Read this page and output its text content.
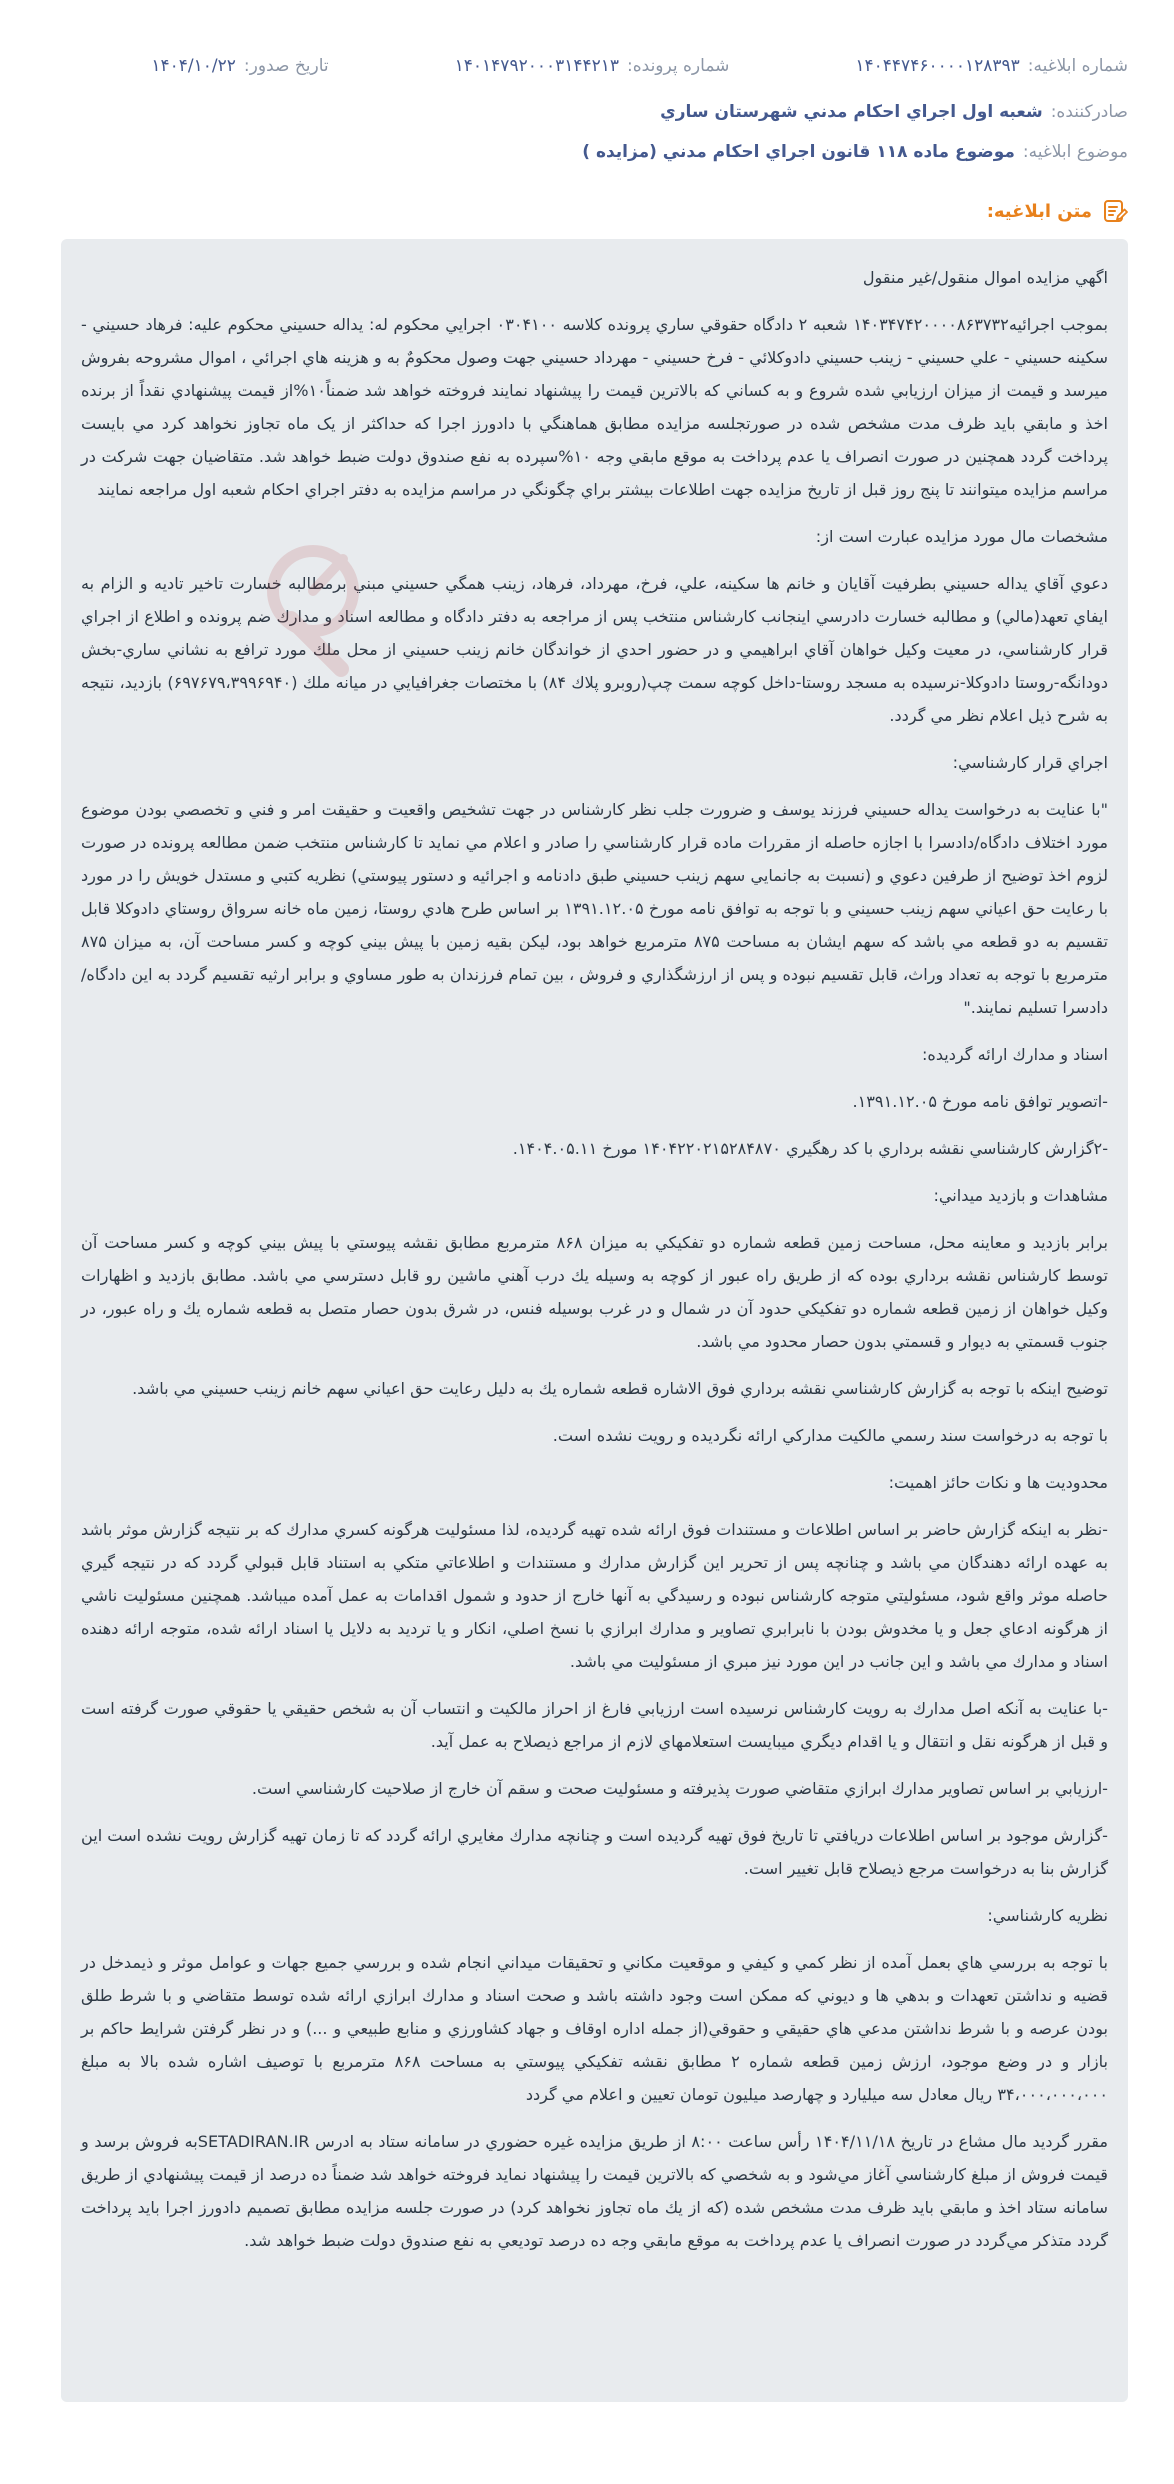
شماره ابلاغيه:
۱۴۰۴۴۷۴۶۰۰۰۰۱۲۸۳۹۳
شماره پرونده:
۱۴۰۱۴۷۹۲۰۰۰۳۱۴۴۲۱۳
تاريخ صدور:
۱۴۰۴/۱۰/۲۲
صادرکننده:
شعبه اول اجراي احكام مدني شهرستان ساري
موضوع ابلاغيه:
موضوع ماده ۱۱۸ قانون اجراي احكام مدني (مزايده )
متن ابلاغيه:

اگهي مزايده اموال منقول/غير منقول

بموجب اجرائيه۱۴۰۳۴۷۴۲۰۰۰۰۸۶۳۷۳۲ شعبه ۲ دادگاه حقوقي ساري پرونده كلاسه ۰۳۰۴۱۰۰ اجرايي محكوم له: يداله حسيني محكوم عليه: فرهاد حسيني - سكينه حسيني - علي حسيني - زينب حسيني دادوكلائي - فرخ حسيني - مهرداد حسيني جهت وصول محكومٌ به و هزينه هاي اجرائي ، اموال مشروحه بفروش ميرسد و قيمت از ميزان ارزيابي شده شروع و به كساني كه بالاترين قيمت را پيشنهاد نمايند فروخته خواهد شد ضمناً۱۰%از قيمت پيشنهادي نقداً از برنده اخذ و مابقي بايد ظرف مدت مشخص شده در صورتجلسه مزايده مطابق هماهنگي با دادورز اجرا كه حداكثر از يک ماه تجاوز نخواهد كرد مي بايست پرداخت گردد همچنين در صورت انصراف يا عدم پرداخت به موقع مابقي وجه ۱۰%سپرده به نفع صندوق دولت ضبط خواهد شد. متقاضيان جهت شركت در مراسم مزايده ميتوانند تا پنج روز قبل از تاريخ مزايده جهت اطلاعات بيشتر براي چگونگي در مراسم مزايده به دفتر اجراي احكام شعبه اول مراجعه نمايند

مشخصات مال مورد مزايده عبارت است از:

دعوي آقاي يداله حسيني بطرفيت آقايان و خانم ها سكينه، علي، فرخ، مهرداد، فرهاد، زينب همگي حسيني مبني برمطالبه خسارت تاخير تاديه و الزام به ايفاي تعهد(مالي) و مطالبه خسارت دادرسي اينجانب كارشناس منتخب پس از مراجعه به دفتر دادگاه و مطالعه اسناد و مدارك ضم پرونده و اطلاع از اجراي قرار كارشناسي، در معيت وكيل خواهان آقاي ابراهيمي و در حضور احدي از خواندگان خانم زينب حسيني از محل ملك مورد ترافع به نشاني ساري-بخش دودانگه-روستا دادوكلا-نرسيده به مسجد روستا-داخل كوچه سمت چپ(روبرو پلاك ۸۴) با مختصات جغرافيايي در ميانه ملك (۶۹۷۶۷۹،۳۹۹۶۹۴۰) بازديد، نتيجه به شرح ذيل اعلام نظر مي گردد.

اجراي قرار كارشناسي:

"با عنايت به درخواست يداله حسيني فرزند يوسف و ضرورت جلب نظر كارشناس در جهت تشخيص واقعيت و حقيقت امر و فني و تخصصي بودن موضوع مورد اختلاف دادگاه/دادسرا با اجازه حاصله از مقررات ماده قرار كارشناسي را صادر و اعلام مي نمايد تا كارشناس منتخب ضمن مطالعه پرونده در صورت لزوم اخذ توضيح از طرفين دعوي و (نسبت به جانمايي سهم زينب حسيني طبق دادنامه و اجرائيه و دستور پيوستي) نظريه كتبي و مستدل خويش را در مورد با رعايت حق اعياني سهم زينب حسيني و با توجه به توافق نامه مورخ ۱۳۹۱.۱۲.۰۵ بر اساس طرح هادي روستا، زمين ماه خانه سرواق روستاي دادوكلا قابل تقسيم به دو قطعه مي باشد كه سهم ايشان به مساحت ۸۷۵ مترمربع خواهد بود، ليكن بقيه زمين با پيش بيني كوچه و كسر مساحت آن، به ميزان ۸۷۵ مترمربع با توجه به تعداد وراث، قابل تقسيم نبوده و پس از ارزشگذاري و فروش ، بين تمام فرزندان به طور مساوي و برابر ارثيه تقسيم گردد به اين دادگاه/دادسرا تسليم نمايند."

اسناد و مدارك ارائه گرديده:

-اتصوير توافق نامه مورخ ۱۳۹۱.۱۲.۰۵.

-۲گزارش كارشناسي نقشه برداري با كد رهگيري ۱۴۰۴۲۲۰۲۱۵۲۸۴۸۷۰ مورخ ۱۴۰۴.۰۵.۱۱.

مشاهدات و بازديد ميداني:

برابر بازديد و معاينه محل، مساحت زمين قطعه شماره دو تفكيكي به ميزان ۸۶۸ مترمربع مطابق نقشه پيوستي با پيش بيني كوچه و كسر مساحت آن توسط كارشناس نقشه برداري بوده كه از طريق راه عبور از كوچه به وسيله يك درب آهني ماشين رو قابل دسترسي مي باشد. مطابق بازديد و اظهارات وكيل خواهان از زمين قطعه شماره دو تفكيكي حدود آن در شمال و در غرب بوسيله فنس، در شرق بدون حصار متصل به قطعه شماره يك و راه عبور، در جنوب قسمتي به ديوار و قسمتي بدون حصار محدود مي باشد.

توضيح اينكه با توجه به گزارش كارشناسي نقشه برداري فوق الاشاره قطعه شماره يك به دليل رعايت حق اعياني سهم خانم زينب حسيني مي باشد.

با توجه به درخواست سند رسمي مالكيت مداركي ارائه نگرديده و رويت نشده است.

محدوديت ها و نكات حائز اهميت:

-نظر به اينكه گزارش حاضر بر اساس اطلاعات و مستندات فوق ارائه شده تهيه گرديده، لذا مسئوليت هرگونه كسري مدارك كه بر نتيجه گزارش موثر باشد به عهده ارائه دهندگان مي باشد و چنانچه پس از تحرير اين گزارش مدارك و مستندات و اطلاعاتي متكي به استناد قابل قبولي گردد كه در نتيجه گيري حاصله موثر واقع شود، مسئوليتي متوجه كارشناس نبوده و رسيدگي به آنها خارج از حدود و شمول اقدامات به عمل آمده ميباشد. همچنين مسئوليت ناشي از هرگونه ادعاي جعل و يا مخدوش بودن با نابرابري تصاوير و مدارك ابرازي با نسخ اصلي، انكار و يا ترديد به دلايل يا اسناد ارائه شده، متوجه ارائه دهنده اسناد و مدارك مي باشد و اين جانب در اين مورد نيز مبري از مسئوليت مي باشد.

-با عنايت به آنكه اصل مدارك به رويت كارشناس نرسيده است ارزيابي فارغ از احراز مالكيت و انتساب آن به شخص حقيقي يا حقوقي صورت گرفته است و قبل از هرگونه نقل و انتقال و يا اقدام ديگري ميبايست استعلامهاي لازم از مراجع ذيصلاح به عمل آيد.

-ارزيابي بر اساس تصاوير مدارك ابرازي متقاضي صورت پذيرفته و مسئوليت صحت و سقم آن خارج از صلاحيت كارشناسي است.

-گزارش موجود بر اساس اطلاعات دريافتي تا تاريخ فوق تهيه گرديده است و چنانچه مدارك مغايري ارائه گردد كه تا زمان تهيه گزارش رويت نشده است اين گزارش بنا به درخواست مرجع ذيصلاح قابل تغيير است.

نظريه كارشناسي:

با توجه به بررسي هاي بعمل آمده از نظر كمي و كيفي و موقعيت مكاني و تحقيقات ميداني انجام شده و بررسي جميع جهات و عوامل موثر و ذيمدخل در قضيه و نداشتن تعهدات و بدهي ها و ديوني كه ممكن است وجود داشته باشد و صحت اسناد و مدارك ابرازي ارائه شده توسط متقاضي و با شرط طلق بودن عرصه و با شرط نداشتن مدعي هاي حقيقي و حقوقي(از جمله اداره اوقاف و جهاد كشاورزي و منابع طبيعي و ...) و در نظر گرفتن شرايط حاكم بر بازار و در وضع موجود، ارزش زمين قطعه شماره ۲ مطابق نقشه تفكيكي پيوستي به مساحت ۸۶۸ مترمربع با توصيف اشاره شده بالا به مبلغ ۳۴،۰۰۰،۰۰۰،۰۰۰ ريال معادل سه ميليارد و چهارصد ميليون تومان تعيين و اعلام مي گردد

مقرر گرديد مال مشاع در تاريخ ۱۴۰۴/۱۱/۱۸ رأس ساعت ۸:۰۰ از طريق مزايده غيره حضوري در سامانه ستاد به ادرس SETADIRAN.IRبه فروش برسد و قيمت فروش از مبلغ كارشناسي آغاز مي‌شود و به شخصي كه بالاترين قيمت را پيشنهاد نمايد فروخته خواهد شد ضمناً ده درصد از قيمت پيشنهادي از طريق سامانه ستاد اخذ و مابقي بايد ظرف مدت مشخص شده (كه از يك ماه تجاوز نخواهد كرد) در صورت جلسه مزايده مطابق تصميم دادورز اجرا بايد پرداخت گردد متذكر مي‌گردد در صورت انصراف يا عدم پرداخت به موقع مابقي وجه ده درصد توديعي به نفع صندوق دولت ضبط خواهد شد.
